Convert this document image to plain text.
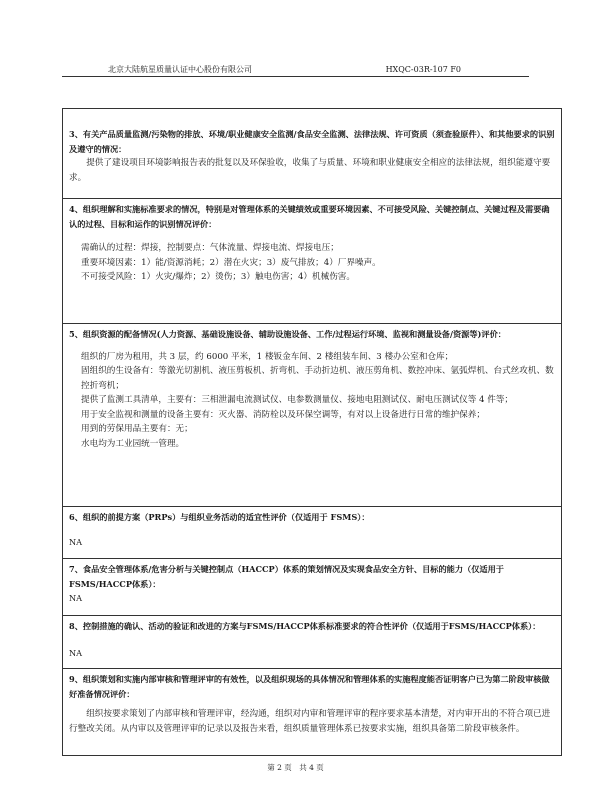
北京大陆航星质量认证中心股份有限公司	HXQC-03R-107 F0
3、有关产品质量监测/污染物的排放、环境/职业健康安全监测/食品安全监测、法律法规、许可资质（须查验原件）、和其他要求的识别及遵守的情况：

提供了建设项目环境影响报告表的批复以及环保验收，收集了与质量、环境和职业健康安全相应的法律法规，组织能遵守要求。

4、组织理解和实施标准要求的情况，特别是对管理体系的关键绩效或重要环境因素、不可接受风险、关键控制点、关键过程及需要确认的过程、目标和运作的识别情况评价：

需确认的过程：焊接，控制要点：气体流量、焊接电流、焊接电压；

重要环境因素：1）能/资源消耗；2）潜在火灾；3）废气排放；4）厂界噪声。

不可接受风险：1）火灾/爆炸；2）烫伤；3）触电伤害；4）机械伤害。

5、组织资源的配备情况(人力资源、基础设施设备、辅助设施设备、工作/过程运行环境、监视和测量设备/资源等)评价：

组织的厂房为租用，共 3 层，约 6000 平米，1 楼钣金车间、2 楼组装车间、3 楼办公室和仓库；

固组织的生设备有：等激光切割机、液压剪板机、折弯机、手动折边机、液压剪角机、数控冲床、氩弧焊机、台式丝攻机、数控折弯机；

提供了监测工具清单，主要有：三相泄漏电流测试仪、电参数测量仪、接地电阻测试仪、耐电压测试仪等 4 件等；

用于安全监视和测量的设备主要有：灭火器、消防栓以及环保空调等，有对以上设备进行日常的维护保养；

用到的劳保用品主要有：无；

水电均为工业园统一管理。

6、组织的前提方案（PRPs）与组织业务活动的适宜性评价（仅适用于 FSMS）：
NA
7、食品安全管理体系/危害分析与关键控制点（HACCP）体系的策划情况及实现食品安全方针、目标的能力（仅适用于 FSMS/HACCP体系）：
NA
8、控制措施的确认、活动的验证和改进的方案与FSMS/HACCP体系标准要求的符合性评价（仅适用于FSMS/HACCP体系）：
NA
9、组织策划和实施内部审核和管理评审的有效性，以及组织现场的具体情况和管理体系的实施程度能否证明客户已为第二阶段审核做好准备情况评价：

组织按要求策划了内部审核和管理评审，经沟通，组织对内审和管理评审的程序要求基本清楚，对内审开出的不符合项已进行整改关闭。从内审以及管理评审的记录以及报告来看，组织质量管理体系已按要求实施，组织具备第二阶段审核条件。

第 2 页　共 4 页
